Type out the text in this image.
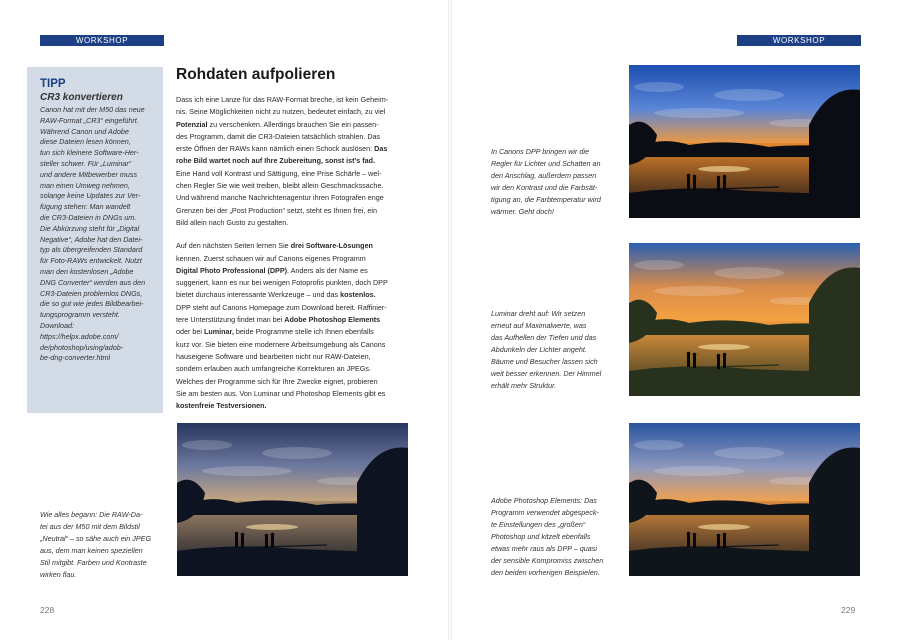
WORKSHOP	WORKSHOP
TIPP
CR3 konvertieren
Canon hat mit der M50 das neue
RAW-Format „CR3“ eingeführt.
Während Canon und Adobe
diese Dateien lesen können,
tun sich kleinere Software-Her-
steller schwer. Für „Luminar“
und andere Mitbewerber muss
man einen Umweg nehmen,
solange keine Updates zur Ver-
fügung stehen: Man wandelt
die CR3-Dateien in DNGs um.
Die Abkürzung steht für „Digital
Negative“, Adobe hat den Datei-
typ als übergreifenden Standard
für Foto-RAWs entwickelt. Nutzt
man den kostenlosen „Adobe
DNG Converter“ werden aus den
CR3-Dateien problemlos DNGs,
die so gut wie jedes Bildbearbei-
tungsprogramm versteht.
Download:
https://helpx.adobe.com/
de/photoshop/using/adob-
be-dng-converter.html
Rohdaten aufpolieren

Dass ich eine Lanze für das RAW-Format breche, ist kein Geheim-
nis. Seine Möglichkeiten nicht zu nutzen, bedeutet einfach, zu viel
Potenzial zu verschenken. Allerdings brauchen Sie ein passen-
des Programm, damit die CR3-Dateien tatsächlich strahlen. Das
erste Öffnen der RAWs kann nämlich einen Schock auslösen: Das
rohe Bild wartet noch auf Ihre Zubereitung, sonst ist’s fad.
Eine Hand voll Kontrast und Sättigung, eine Prise Schärfe – wel-
chen Regler Sie wie weit treiben, bleibt allein Geschmackssache.
Und während manche Nachrichtenagentur ihren Fotografen enge
Grenzen bei der „Post Production“ setzt, steht es Ihnen frei, ein
Bild allein nach Gusto zu gestalten.

Auf den nächsten Seiten lernen Sie drei Software-Lösungen
kennen. Zuerst schauen wir auf Canons eigenes Programm
Digital Photo Professional (DPP). Anders als der Name es
suggeriert, kann es nur bei wenigen Fotoprofis punkten, doch DPP
bietet durchaus interessante Werkzeuge – und das kostenlos.
DPP steht auf Canons Homepage zum Download bereit. Raffinier-
tere Unterstützung findet man bei Adobe Photoshop Elements
oder bei Luminar, beide Programme stelle ich Ihnen ebenfalls
kurz vor. Sie bieten eine modernere Arbeitsumgebung als Canons
hauseigene Software und bearbeiten nicht nur RAW-Dateien,
sondern erlauben auch umfangreiche Korrekturen an JPEGs.
Welches der Programme sich für Ihre Zwecke eignet, probieren
Sie am besten aus. Von Luminar und Photoshop Elements gibt es
kostenfreie Testversionen.

Wie alles begann: Die RAW-Da-
tei aus der M50 mit dem Bildstil
„Neutral“ – so sähe auch ein JPEG
aus, dem man keinen speziellen
Stil mitgibt. Farben und Kontraste
wirken flau.
In Canons DPP bringen wir die
Regler für Lichter und Schatten an
den Anschlag, außerdem passen
wir den Kontrast und die Farbsät-
tigung an, die Farbtemperatur wird
wärmer. Geht doch!
Luminar dreht auf: Wir setzen
erneut auf Maximalwerte, was
das Aufhellen der Tiefen und das
Abdunkeln der Lichter angeht.
Bäume und Besucher lassen sich
weit besser erkennen. Der Himmel
erhält mehr Struktur.
Adobe Photoshop Elements: Das
Programm verwendet abgespeck-
te Einstellungen des „großen“
Photoshop und kitzelt ebenfalls
etwas mehr raus als DPP – quasi
der sensible Kompromiss zwischen
den beiden vorherigen Beispielen.
228	229
